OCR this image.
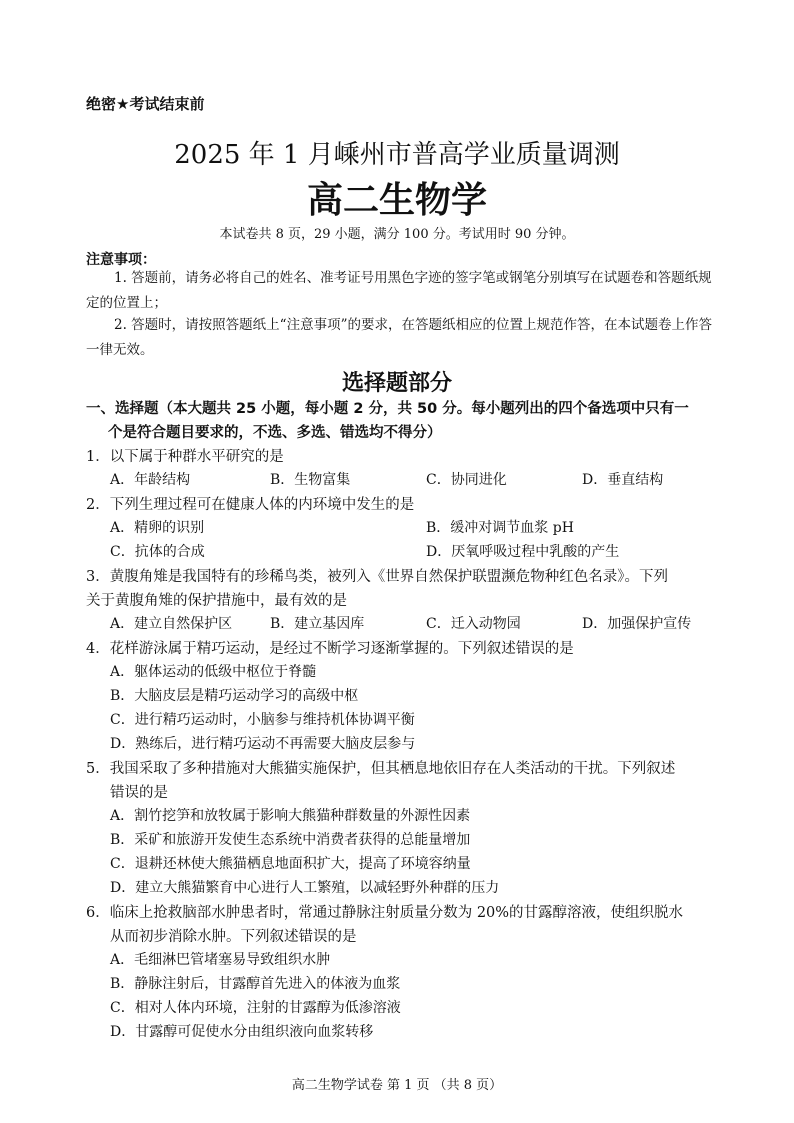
绝密★考试结束前
2025 年 1 月嵊州市普高学业质量调测
高二生物学
本试卷共 8 页，29 小题，满分 100 分。考试用时 90 分钟。
注意事项：
1. 答题前，请务必将自己的姓名、准考证号用黑色字迹的签字笔或钢笔分别填写在试题卷和答题纸规定的位置上；
2. 答题时，请按照答题纸上“注意事项”的要求，在答题纸相应的位置上规范作答，在本试题卷上作答一律无效。
选择题部分
一、选择题（本大题共 25 小题，每小题 2 分，共 50 分。每小题列出的四个备选项中只有一
个是符合题目要求的，不选、多选、错选均不得分）
1．以下属于种群水平研究的是
A．年龄结构	B．生物富集	C．协同进化	D．垂直结构
2．下列生理过程可在健康人体的内环境中发生的是
A．精卵的识别	B．缓冲对调节血浆 pH
C．抗体的合成	D．厌氧呼吸过程中乳酸的产生
3．黄腹角雉是我国特有的珍稀鸟类，被列入《世界自然保护联盟濒危物种红色名录》。下列
关于黄腹角雉的保护措施中，最有效的是
A．建立自然保护区	B．建立基因库	C．迁入动物园	D．加强保护宣传
4．花样游泳属于精巧运动，是经过不断学习逐渐掌握的。下列叙述错误的是
A．躯体运动的低级中枢位于脊髓
B．大脑皮层是精巧运动学习的高级中枢
C．进行精巧运动时，小脑参与维持机体协调平衡
D．熟练后，进行精巧运动不再需要大脑皮层参与
5．我国采取了多种措施对大熊猫实施保护，但其栖息地依旧存在人类活动的干扰。下列叙述
错误的是
A．割竹挖笋和放牧属于影响大熊猫种群数量的外源性因素
B．采矿和旅游开发使生态系统中消费者获得的总能量增加
C．退耕还林使大熊猫栖息地面积扩大，提高了环境容纳量
D．建立大熊猫繁育中心进行人工繁殖，以减轻野外种群的压力
6．临床上抢救脑部水肿患者时，常通过静脉注射质量分数为 20%的甘露醇溶液，使组织脱水
从而初步消除水肿。下列叙述错误的是
A．毛细淋巴管堵塞易导致组织水肿
B．静脉注射后，甘露醇首先进入的体液为血浆
C．相对人体内环境，注射的甘露醇为低渗溶液
D．甘露醇可促使水分由组织液向血浆转移
高二生物学试卷 第 1 页 （共 8 页）
